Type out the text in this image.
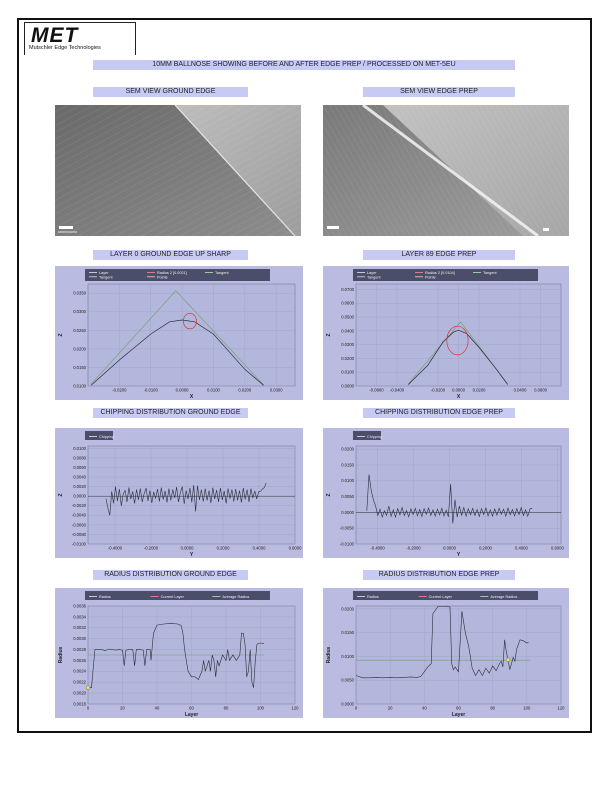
MET
Mutschler Edge Technologies
10MM BALLNOSE SHOWING BEFORE AND AFTER EDGE PREP / PROCESSED ON MET-5EU
SEM VIEW GROUND EDGE	SEM VIEW EDGE PREP
LAYER 0 GROUND EDGE UP SHARP	LAYER 89 EDGE PREP
Layer	Radius 2 [0.0021]	Tangent
Tangent	Pointe
0.0100
0.0150
0.0200
0.0250
0.0300
0.0350
-0.0200	-0.0100	0.0000	0.0100	0.0200	0.0300
X
Z
Layer	Radius 2 [0.0104]	Tangent
Tangent	Pointe
0.0000
0.0100
0.0200
0.0300
0.0400
0.0500
0.0600
0.0700
-0.0800 -0.0400	-0.0200 0.0000 0.0200	0.0400 0.0800
X
Z
CHIPPING DISTRIBUTION GROUND EDGE	CHIPPING DISTRIBUTION EDGE PREP
Chipping
-0.0100
-0.0080
-0.0060
-0.0040
-0.0020
0.0000
0.0020
0.0040
0.0060
0.0080
0.0100
-0.4000	-0.2000	0.0000	0.2000	0.4000	0.6000
Y
Z
Chipping
-0.0100
-0.0050
0.0000
0.0050
0.0100
0.0150
0.0200
-0.4000	-0.2000	0.0000	0.2000	0.4000	0.6000
Y
Z
RADIUS DISTRIBUTION GROUND EDGE	RADIUS DISTRIBUTION EDGE PREP
Radius	Current Layer	Average Radius
0.0018
0.0020
0.0022
0.0024
0.0026
0.0028
0.0030
0.0032
0.0034
0.0036
0	20	40	60	80	100	120
Layer
Radius
Radius	Current Layer	Average Radius
0.0000
0.0050
0.0100
0.0150
0.0200
0	20	40	60	80	100	120
Layer
Radius
